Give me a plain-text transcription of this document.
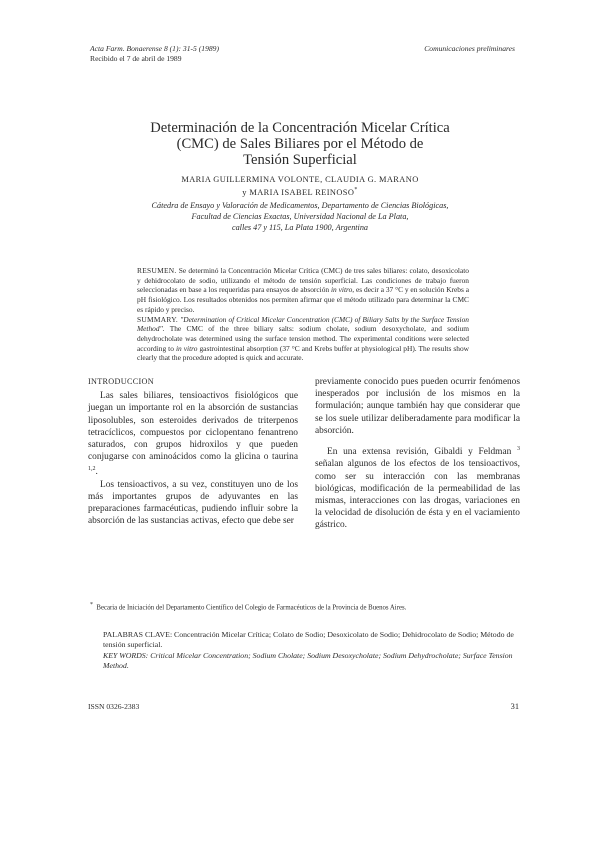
Acta Farm. Bonaerense 8 (1): 31-5 (1989)
Recibido el 7 de abril de 1989
Comunicaciones preliminares
Determinación de la Concentración Micelar Crítica
(CMC) de Sales Biliares por el Método de
Tensión Superficial
MARIA GUILLERMINA VOLONTE, CLAUDIA G. MARANO
y MARIA ISABEL REINOSO*
Cátedra de Ensayo y Valoración de Medicamentos, Departamento de Ciencias Biológicas,
Facultad de Ciencias Exactas, Universidad Nacional de La Plata,
calles 47 y 115, La Plata 1900, Argentina

RESUMEN. Se determinó la Concentración Micelar Crítica (CMC) de tres sales biliares: colato, desoxicolato y dehidrocolato de sodio, utilizando el método de tensión superficial. Las condiciones de trabajo fueron seleccionadas en base a los requeridas para ensayos de absorción in vitro, es decir a 37 °C y en solución Krebs a pH fisiológico. Los resultados obtenidos nos permiten afirmar que el método utilizado para determinar la CMC es rápido y preciso.

SUMMARY. "Determination of Critical Micelar Concentration (CMC) of Biliary Salts by the Surface Tension Method". The CMC of the three biliary salts: sodium cholate, sodium desoxycholate, and sodium dehydrocholate was determined using the surface tension method. The experimental conditions were selected according to in vitro gastrointestinal absorption (37 °C and Krebs buffer at physiological pH). The results show clearly that the procedure adopted is quick and accurate.

INTRODUCCION

Las sales biliares, tensioactivos fisiológicos que juegan un importante rol en la absorción de sustancias liposolubles, son esteroides derivados de triterpenos tetracíclicos, compuestos por ciclopentano fenantreno saturados, con grupos hidroxilos y que pueden conjugarse con aminoácidos como la glicina o taurina $^{1,2}$.

Los tensioactivos, a su vez, constituyen uno de los más importantes grupos de adyuvantes en las preparaciones farmacéuticas, pudiendo influir sobre la absorción de las sustancias activas, efecto que debe ser

previamente conocido pues pueden ocurrir fenómenos inesperados por inclusión de los mismos en la formulación; aunque también hay que considerar que se los suele utilizar deliberadamente para modificar la absorción.

En una extensa revisión, Gibaldi y Feldman $^3$ señalan algunos de los efectos de los tensioactivos, como ser su interacción con las membranas biológicas, modificación de la permeabilidad de las mismas, interacciones con las drogas, variaciones en la velocidad de disolución de ésta y en el vaciamiento gástrico.

* Becaria de Iniciación del Departamento Científico del Colegio de Farmacéuticos de la Provincia de Buenos Aires.

PALABRAS CLAVE: Concentración Micelar Crítica; Colato de Sodio; Desoxicolato de Sodio; Dehidrocolato de Sodio; Método de tensión superficial.

KEY WORDS: Critical Micelar Concentration; Sodium Cholate; Sodium Desoxycholate; Sodium Dehydrocholate; Surface Tension Method.

ISSN 0326-2383	31
